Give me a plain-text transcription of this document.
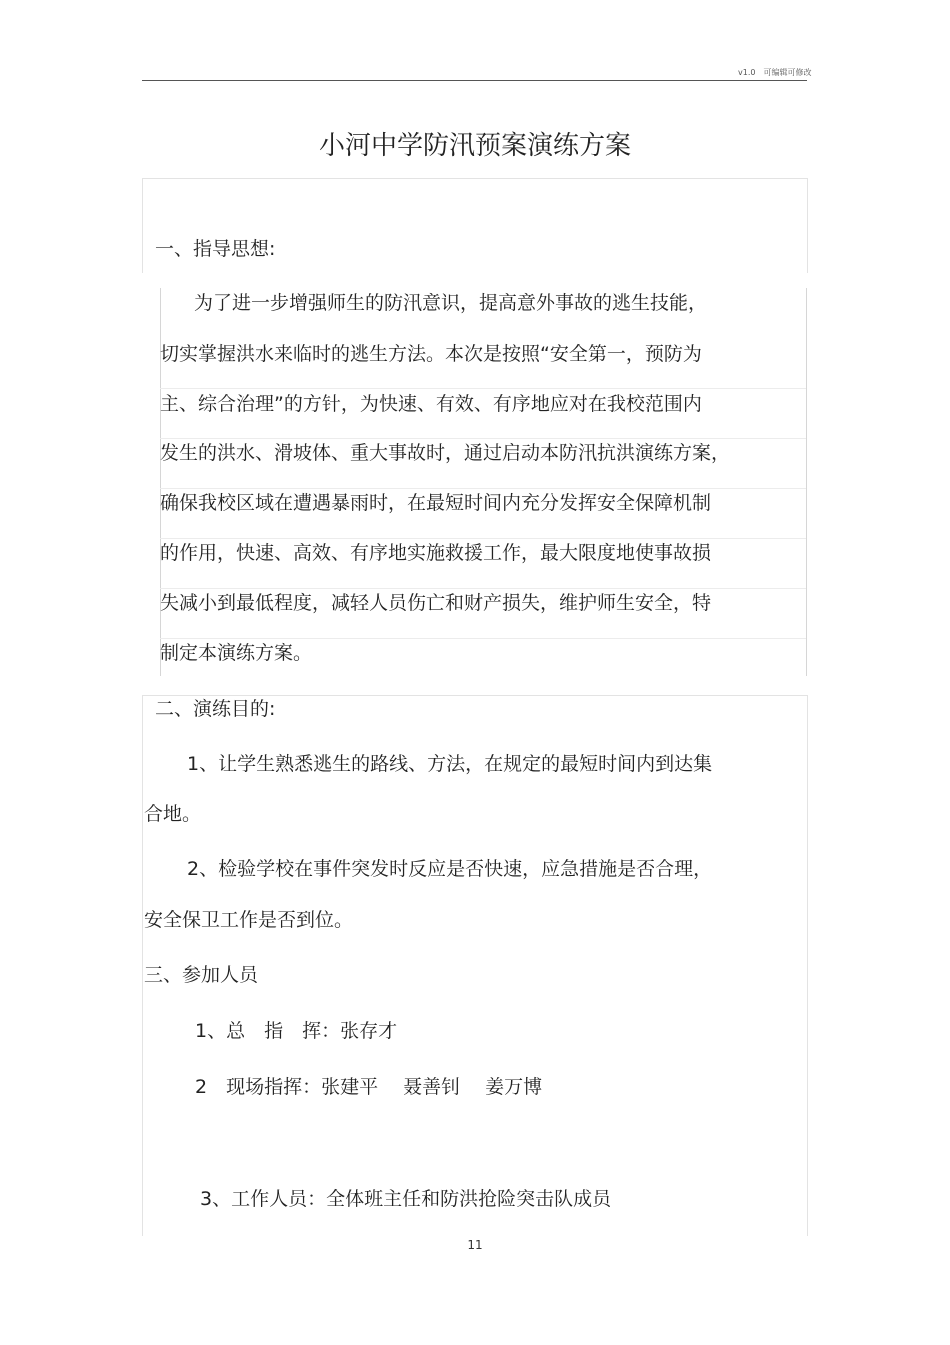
v1.0　可编辑可修改
小河中学防汛预案演练方案
一、指导思想:
为了进一步增强师生的防汛意识，提高意外事故的逃生技能，
切实掌握洪水来临时的逃生方法。本次是按照“安全第一，预防为
主、综合治理”的方针，为快速、有效、有序地应对在我校范围内
发生的洪水、滑坡体、重大事故时，通过启动本防汛抗洪演练方案，
确保我校区域在遭遇暴雨时，在最短时间内充分发挥安全保障机制
的作用，快速、高效、有序地实施救援工作，最大限度地使事故损
失减小到最低程度，减轻人员伤亡和财产损失，维护师生安全，特
制定本演练方案。
二、演练目的:
1、让学生熟悉逃生的路线、方法，在规定的最短时间内到达集
合地。
2、检验学校在事件突发时反应是否快速，应急措施是否合理，
安全保卫工作是否到位。
三、参加人员
1、总　指　挥：张存才
2　现场指挥：张建平　 聂善钊　 姜万博
3、工作人员：全体班主任和防洪抢险突击队成员
11
